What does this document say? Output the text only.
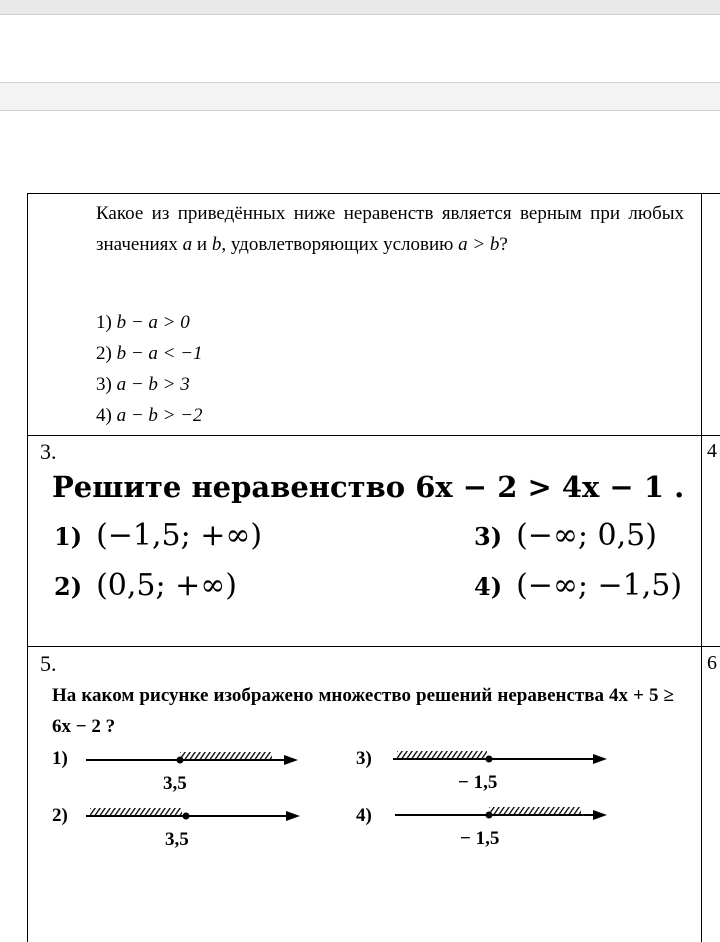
Какое из приведённых ниже неравенств является верным при любых значениях a и b, удовлетворяющих условию a > b?
1) b − a > 0
2) b − a < −1
3) a − b > 3
4) a − b > −2
3.
Решите неравенство 6x − 2 > 4x − 1 .
1) (−1,5; +∞)
2) (0,5; +∞)
3) (−∞; 0,5)
4) (−∞; −1,5)
5.
На каком рисунке изображено множество решений неравенства 4x + 5 ≥ 6x − 2 ?
1)
3,5
2)
3,5
3)
− 1,5
4)
− 1,5
4
6
